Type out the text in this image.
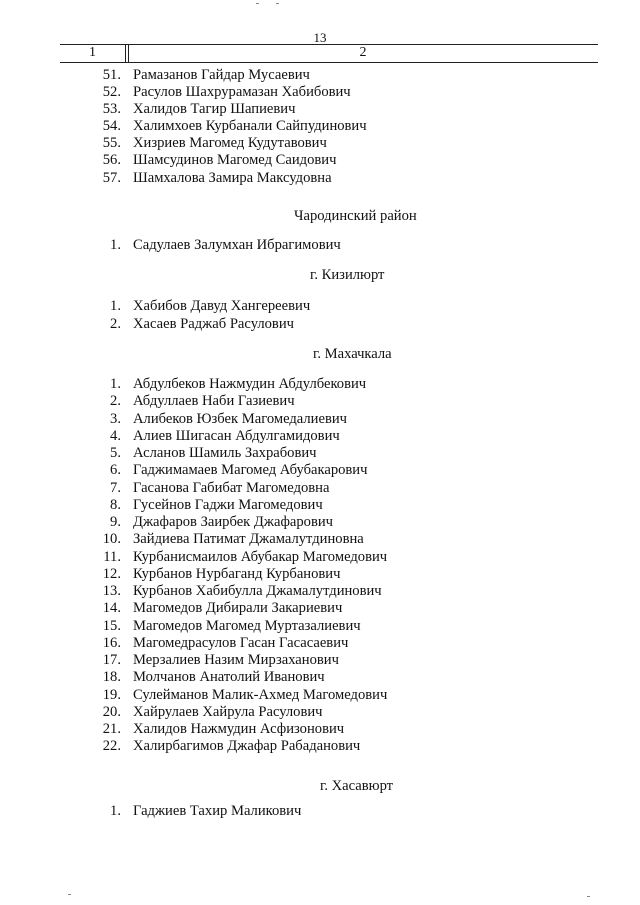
13
1	2
51. Рамазанов Гайдар Мусаевич
52. Расулов Шахрурамазан Хабибович
53. Халидов Тагир Шапиевич
54. Халимхоев Курбанали Сайпудинович
55. Хизриев Магомед Кудутавович
56. Шамсудинов Магомед Саидович
57. Шамхалова Замира Максудовна
Чародинский район
1. Садулаев Залумхан Ибрагимович
г. Кизилюрт
1. Хабибов Давуд Хангереевич
2. Хасаев Раджаб Расулович
г. Махачкала
1. Абдулбеков Нажмудин Абдулбекович
2. Абдуллаев Наби Газиевич
3. Алибеков Юзбек Магомедалиевич
4. Алиев Шигасан Абдулгамидович
5. Асланов Шамиль Захрабович
6. Гаджимамаев Магомед Абубакарович
7. Гасанова Габибат Магомедовна
8. Гусейнов Гаджи Магомедович
9. Джафаров Заирбек Джафарович
10. Зайдиева Патимат Джамалутдиновна
11. Курбанисмаилов Абубакар Магомедович
12. Курбанов Нурбаганд Курбанович
13. Курбанов Хабибулла Джамалутдинович
14. Магомедов Дибирали Закариевич
15. Магомедов Магомед Муртазалиевич
16. Магомедрасулов Гасан Гасасаевич
17. Мерзалиев Назим Мирзаханович
18. Молчанов Анатолий Иванович
19. Сулейманов Малик-Ахмед Магомедович
20. Хайрулаев Хайрула Расулович
21. Халидов Нажмудин Асфизонович
22. Халирбагимов Джафар Рабаданович
г. Хасавюрт
1. Гаджиев Тахир Маликович
